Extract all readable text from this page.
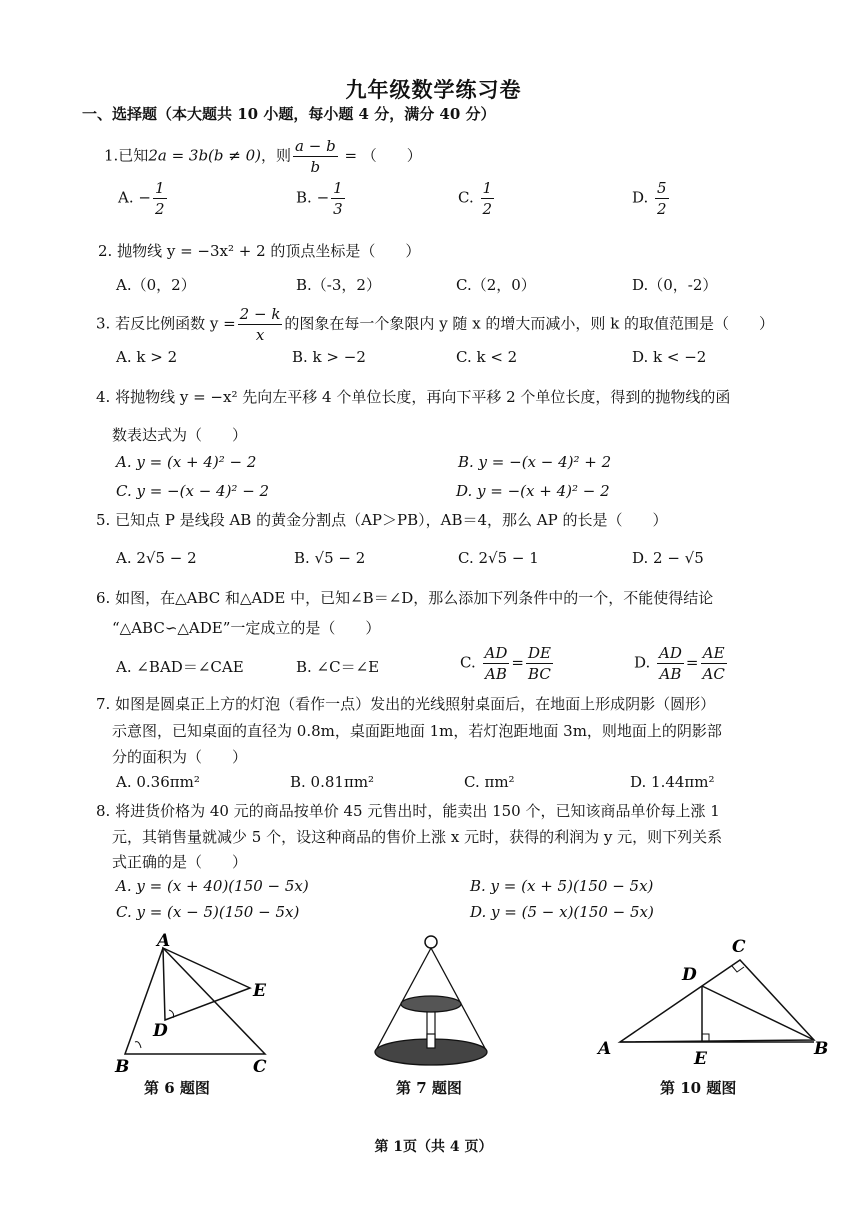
九年级数学练习卷
一、选择题（本大题共 10 小题，每小题 4 分，满分 40 分）
1.已知2a = 3b(b ≠ 0)，则 $\frac{a - b}{b}$ = （　　）
A. − $\frac{1}{2}$	B. − $\frac{1}{3}$	C. $\frac{1}{2}$	D. $\frac{5}{2}$
2. 抛物线 y = −3x² + 2 的顶点坐标是（　　）
A.（0，2）	B.（-3，2）	C.（2，0）	D.（0，-2）
3. 若反比例函数 $y = \frac{2 - k}{x}$ 的图象在每一个象限内 y 随 x 的增大而减小，则 k 的取值范围是（　　）
A. k > 2	B. k > −2	C. k < 2	D. k < −2
4. 将抛物线 y = −x² 先向左平移 4 个单位长度，再向下平移 2 个单位长度，得到的抛物线的函
数表达式为（　　）
A. y = (x + 4)² − 2	B. y = −(x − 4)² + 2
C. y = −(x − 4)² − 2	D. y = −(x + 4)² − 2
5. 已知点 P 是线段 AB 的黄金分割点（AP＞PB），AB＝4，那么 AP 的长是（　　）
A. 2√5 − 2	B. √5 − 2	C. 2√5 − 1	D. 2 − √5
6. 如图，在△ABC 和△ADE 中，已知∠B＝∠D，那么添加下列条件中的一个，不能使得结论
“△ABC∽△ADE”一定成立的是（　　）
A. ∠BAD＝∠CAE	B. ∠C＝∠E	C. $\frac{AD}{AB} = \frac{DE}{BC}$	D. $\frac{AD}{AB} = \frac{AE}{AC}$
7. 如图是圆桌正上方的灯泡（看作一点）发出的光线照射桌面后，在地面上形成阴影（圆形）
示意图，已知桌面的直径为 0.8m，桌面距地面 1m，若灯泡距地面 3m，则地面上的阴影部
分的面积为（　　）
A. 0.36πm²	B. 0.81πm²	C. πm²	D. 1.44πm²
8. 将进货价格为 40 元的商品按单价 45 元售出时，能卖出 150 个，已知该商品单价每上涨 1
元，其销售量就减少 5 个，设这种商品的售价上涨 x 元时，获得的利润为 y 元，则下列关系
式正确的是（　　）
A. y = (x + 40)(150 − 5x)	B. y = (x + 5)(150 − 5x)
C. y = (x − 5)(150 − 5x)	D. y = (5 − x)(150 − 5x)
A
B	C
D
E
第 6 题图	第 7 题图
C
D
A	E	B
第 10 题图
第 1页（共 4 页）
